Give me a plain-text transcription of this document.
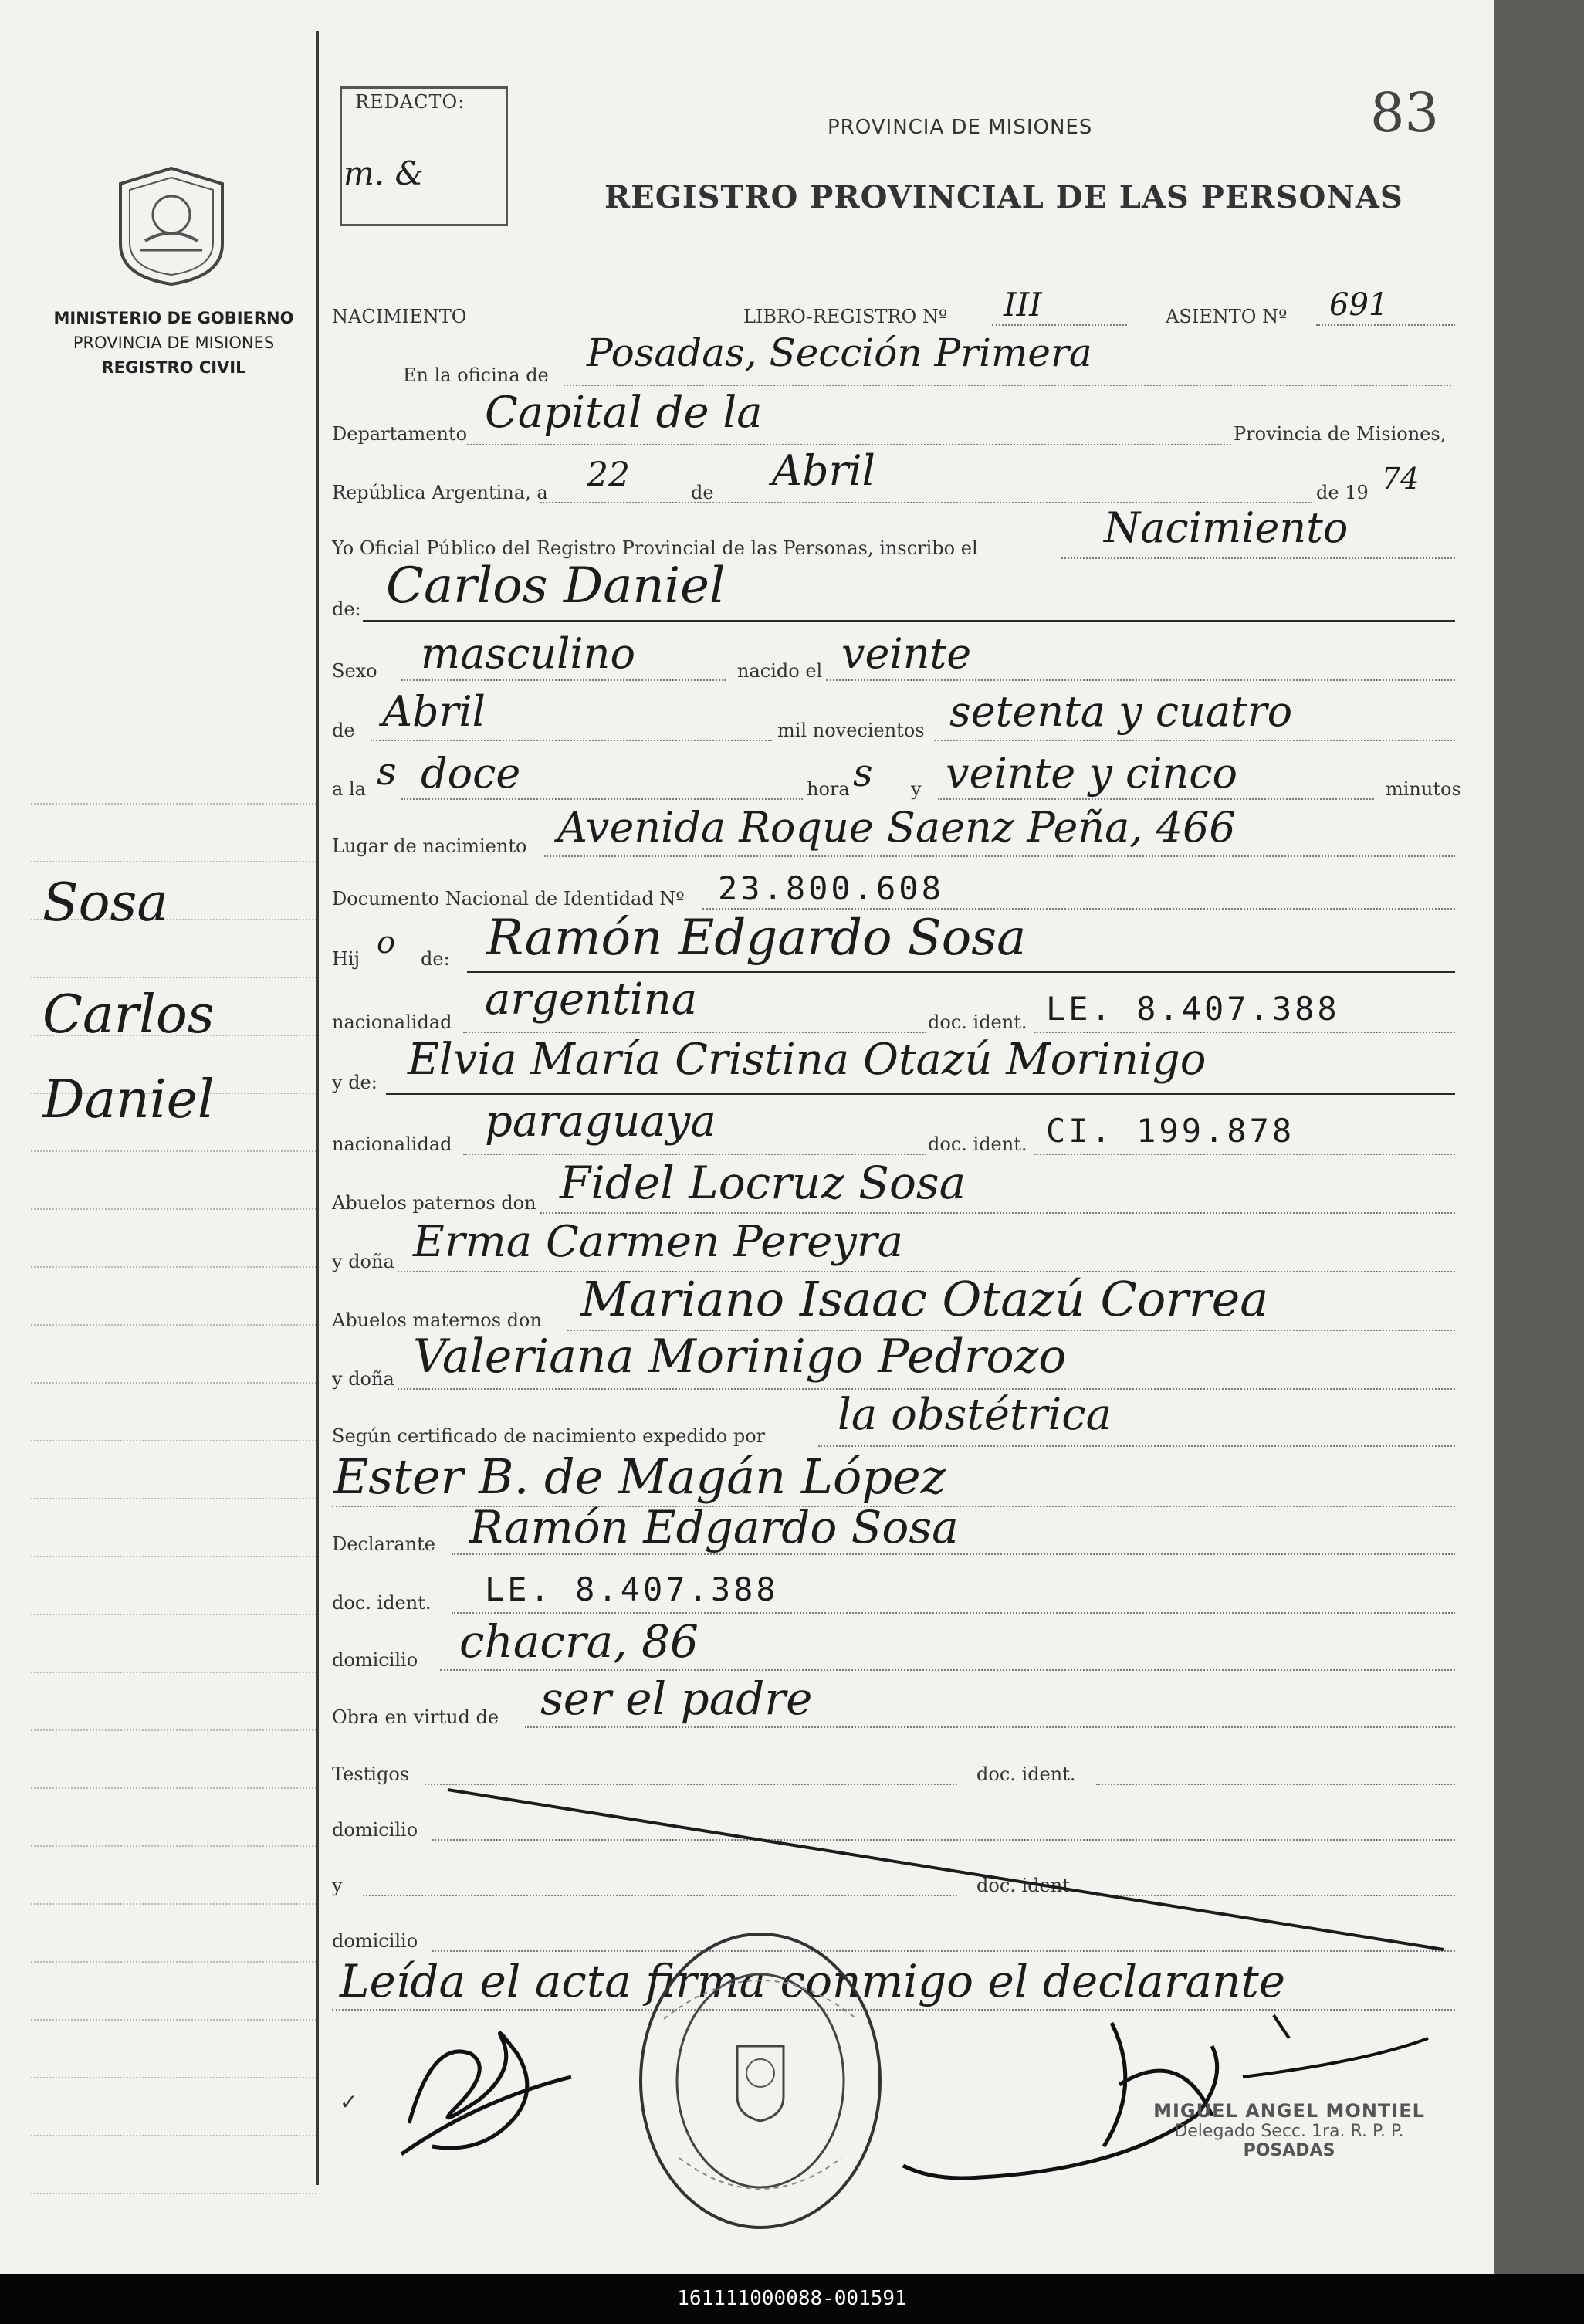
MINISTERIO DE GOBIERNO
PROVINCIA DE MISIONES
REGISTRO CIVIL
Sosa
Carlos
Daniel
REDACTO:
m. &
83
PROVINCIA DE MISIONES
REGISTRO PROVINCIAL DE LAS PERSONAS
NACIMIENTO	LIBRO-REGISTRO Nº III	ASIENTO Nº 691
En la oficina de Posadas, Sección Primera
Departamento Capital de la	Provincia de Misiones,
República Argentina, a 22	de Abril	de 19 74
Yo Oficial Público del Registro Provincial de las Personas, inscribo el	Nacimiento
de: Carlos Daniel
Sexo masculino	nacido el veinte
de Abril	mil novecientos setenta y cuatro
a la s doce	hora s y veinte y cinco	minutos
Lugar de nacimiento Avenida Roque Saenz Peña, 466
Documento Nacional de Identidad Nº 23.800.608
Hij o de: Ramón Edgardo Sosa
nacionalidad argentina	doc. ident. LE. 8.407.388
y de: Elvia María Cristina Otazú Morinigo
nacionalidad paraguaya	doc. ident. CI. 199.878
Abuelos paternos don Fidel Locruz Sosa
y doña Erma Carmen Pereyra
Abuelos maternos don Mariano Isaac Otazú Correa
y doña Valeriana Morinigo Pedrozo
Según certificado de nacimiento expedido por la obstétrica
Ester B. de Magán López
Declarante Ramón Edgardo Sosa
doc. ident. LE. 8.407.388
domicilio chacra, 86
Obra en virtud de ser el padre
Testigos	doc. ident.
domicilio
y	doc. ident.
domicilio
Leída el acta firma conmigo el declarante
✓	MIGUEL ANGEL MONTIEL
Delegado Secc. 1ra. R. P. P.
POSADAS
161111000088-001591
